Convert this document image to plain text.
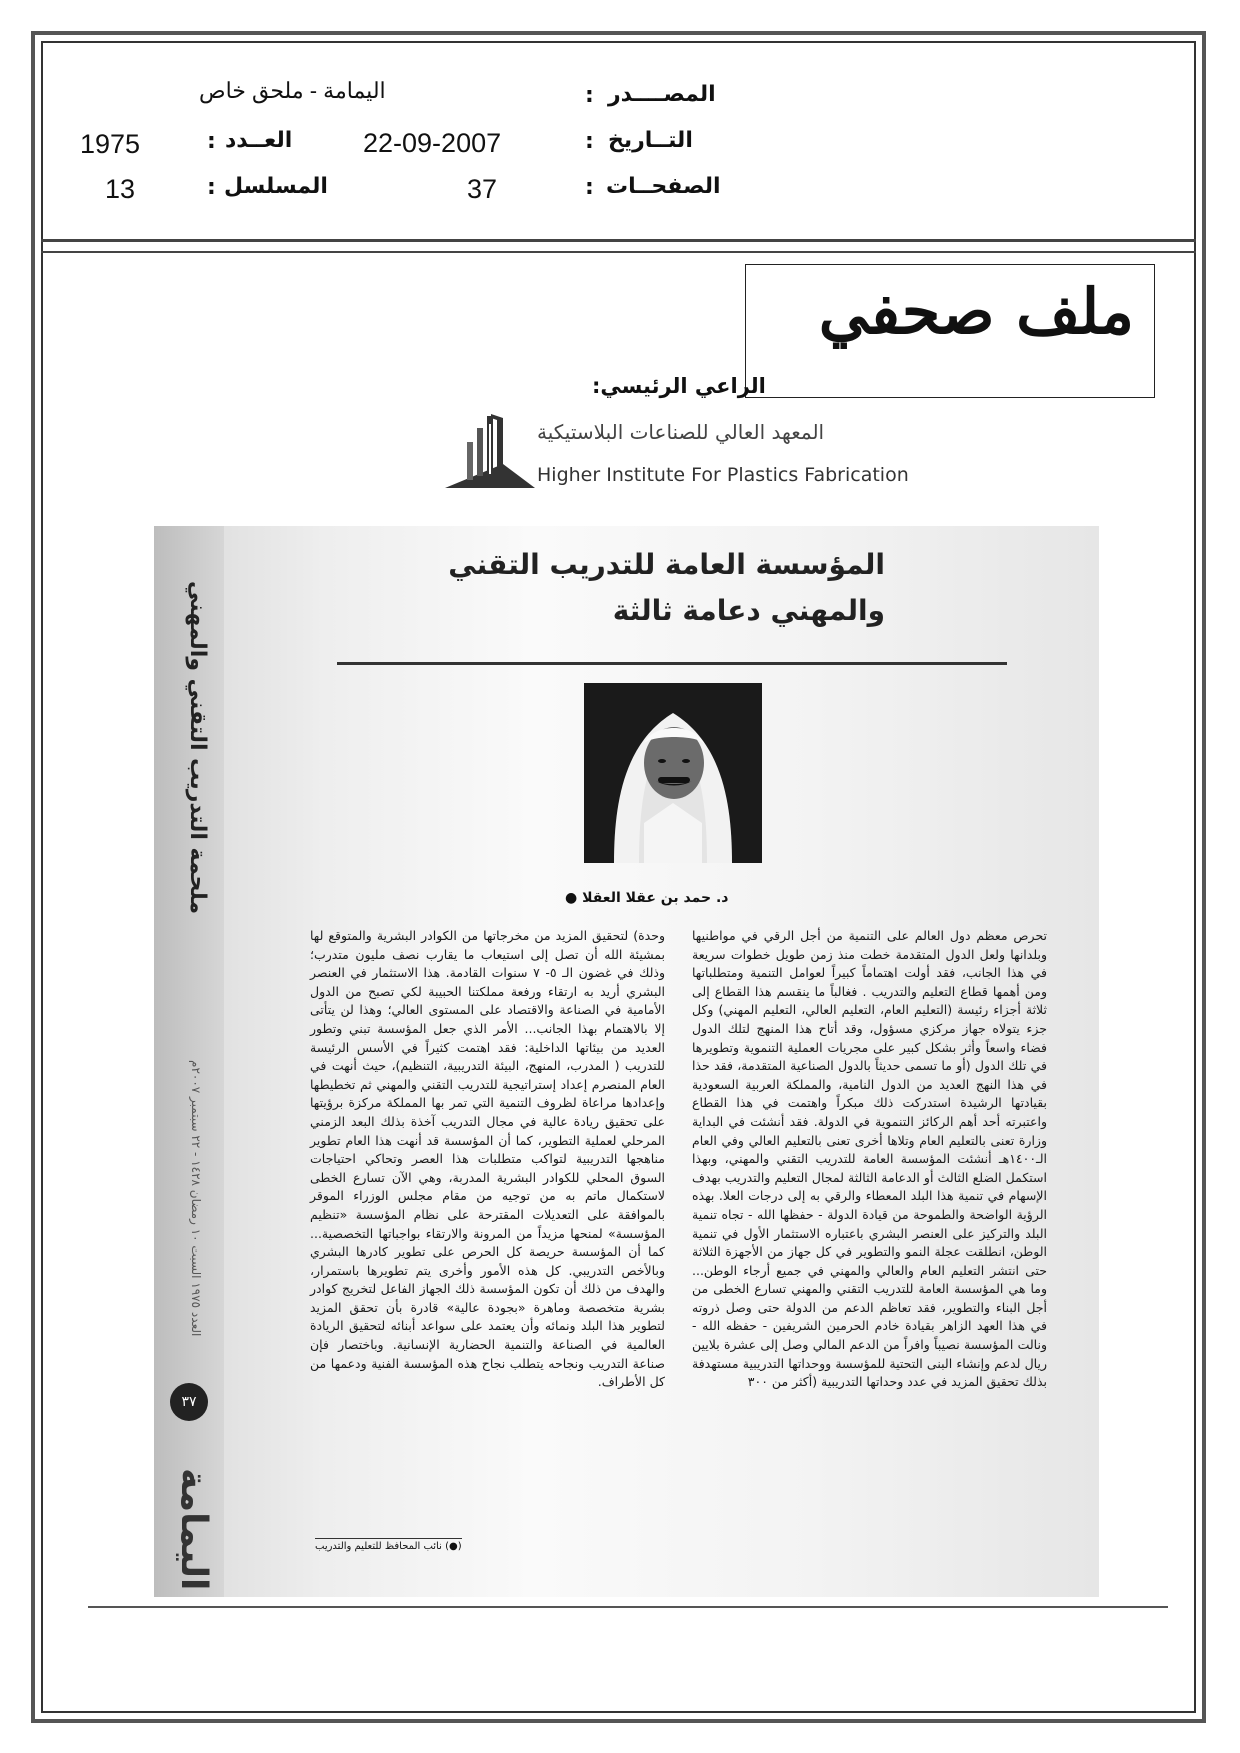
المصــــدر
:
اليمامة - ملحق خاص
التــاريخ
:
22-09-2007
العــدد
:
1975
الصفحــات
:
37
المسلسل
:
13
ملف صحفي
الراعي الرئيسي:
المعهد العالي للصناعات البلاستيكية
Higher Institute For Plastics Fabrication
ملحمة التدريب التقني والمهني
العدد ١٩٧٥ السبت ١٠ رمضان ١٤٢٨ - ٢٢ سبتمبر ٢٠٠٧م
٣٧
اليمامة
المؤسسة العامة للتدريب التقني
والمهني دعامة ثالثة
د. حمد بن عقلا العقلا ●
تحرص معظم دول العالم على التنمية من أجل الرقي في مواطنيها وبلدانها ولعل الدول المتقدمة خطت منذ زمن طويل خطوات سريعة في هذا الجانب، فقد أولت اهتماماً كبيراً لعوامل التنمية ومتطلباتها ومن أهمها قطاع التعليم والتدريب . فغالباً ما ينقسم هذا القطاع إلى ثلاثة أجزاء رئيسة (التعليم العام، التعليم العالي، التعليم المهني) وكل جزء يتولاه جهاز مركزي مسؤول، وقد أتاح هذا المنهج لتلك الدول فضاء واسعاً وأثر بشكل كبير على مجريات العملية التنموية وتطويرها في تلك الدول (أو ما تسمى حديثاً بالدول الصناعية المتقدمة، فقد حذا في هذا النهج العديد من الدول النامية، والمملكة العربية السعودية بقيادتها الرشيدة استدركت ذلك مبكراً واهتمت في هذا القطاع واعتبرته أحد أهم الركائز التنموية في الدولة. فقد أنشئت في البداية وزارة تعنى بالتعليم العام وتلاها أخرى تعنى بالتعليم العالي وفي العام الـ١٤٠٠هـ أنشئت المؤسسة العامة للتدريب التقني والمهني، وبهذا استكمل الضلع الثالث أو الدعامة الثالثة لمجال التعليم والتدريب بهدف الإسهام في تنمية هذا البلد المعطاء والرقي به إلى درجات العلا. بهذه الرؤية الواضحة والطموحة من قيادة الدولة - حفظها الله - تجاه تنمية البلد والتركيز على العنصر البشري باعتباره الاستثمار الأول في تنمية الوطن، انطلقت عجلة النمو والتطوير في كل جهاز من الأجهزة الثلاثة حتى انتشر التعليم العام والعالي والمهني في جميع أرجاء الوطن... وما هي المؤسسة العامة للتدريب التقني والمهني تسارع الخطى من أجل البناء والتطوير، فقد تعاظم الدعم من الدولة حتى وصل ذروته في هذا العهد الزاهر بقيادة خادم الحرمين الشريفين - حفظه الله - ونالت المؤسسة نصيباً وافراً من الدعم المالي وصل إلى عشرة بلايين ريال لدعم وإنشاء البنى التحتية للمؤسسة ووحداتها التدريبية مستهدفة بذلك تحقيق المزيد في عدد وحداتها التدريبية (أكثر من ٣٠٠
وحدة) لتحقيق المزيد من مخرجاتها من الكوادر البشرية والمتوقع لها بمشيئة الله أن تصل إلى استيعاب ما يقارب نصف مليون متدرب؛ وذلك في غضون الـ ٥- ٧ سنوات القادمة. هذا الاستثمار في العنصر البشري أريد به ارتقاء ورفعة مملكتنا الحبيبة لكي تصبح من الدول الأمامية في الصناعة والاقتصاد على المستوى العالي؛ وهذا لن يتأتى إلا بالاهتمام بهذا الجانب... الأمر الذي جعل المؤسسة تبني وتطور العديد من بيئاتها الداخلية: فقد اهتمت كثيراً في الأسس الرئيسة للتدريب ( المدرب، المنهج، البيئة التدريبية، التنظيم)، حيث أنهت في العام المنصرم إعداد إستراتيجية للتدريب التقني والمهني ثم تخطيطها وإعدادها مراعاة لظروف التنمية التي تمر بها المملكة مركزة برؤيتها على تحقيق ريادة عالية في مجال التدريب آخذة بذلك البعد الزمني المرحلي لعملية التطوير، كما أن المؤسسة قد أنهت هذا العام تطوير مناهجها التدريبية لتواكب متطلبات هذا العصر وتحاكي احتياجات السوق المحلي للكوادر البشرية المدربة، وهي الآن تسارع الخطى لاستكمال ماتم به من توجيه من مقام مجلس الوزراء الموقر بالموافقة على التعديلات المقترحة على نظام المؤسسة «تنظيم المؤسسة» لمنحها مزيداً من المرونة والارتقاء بواجباتها التخصصية... كما أن المؤسسة حريصة كل الحرص على تطوير كادرها البشري وبالأخص التدريبي. كل هذه الأمور وأخرى يتم تطويرها باستمرار، والهدف من ذلك أن تكون المؤسسة ذلك الجهاز الفاعل لتخريج كوادر بشرية متخصصة وماهرة «بجودة عالية» قادرة بأن تحقق المزيد لتطوير هذا البلد ونمائه وأن يعتمد على سواعد أبنائه لتحقيق الريادة العالمية في الصناعة والتنمية الحضارية الإنسانية. وباختصار فإن صناعة التدريب ونجاحه يتطلب نجاح هذه المؤسسة الفنية ودعمها من كل الأطراف.
(●) نائب المحافظ للتعليم والتدريب
